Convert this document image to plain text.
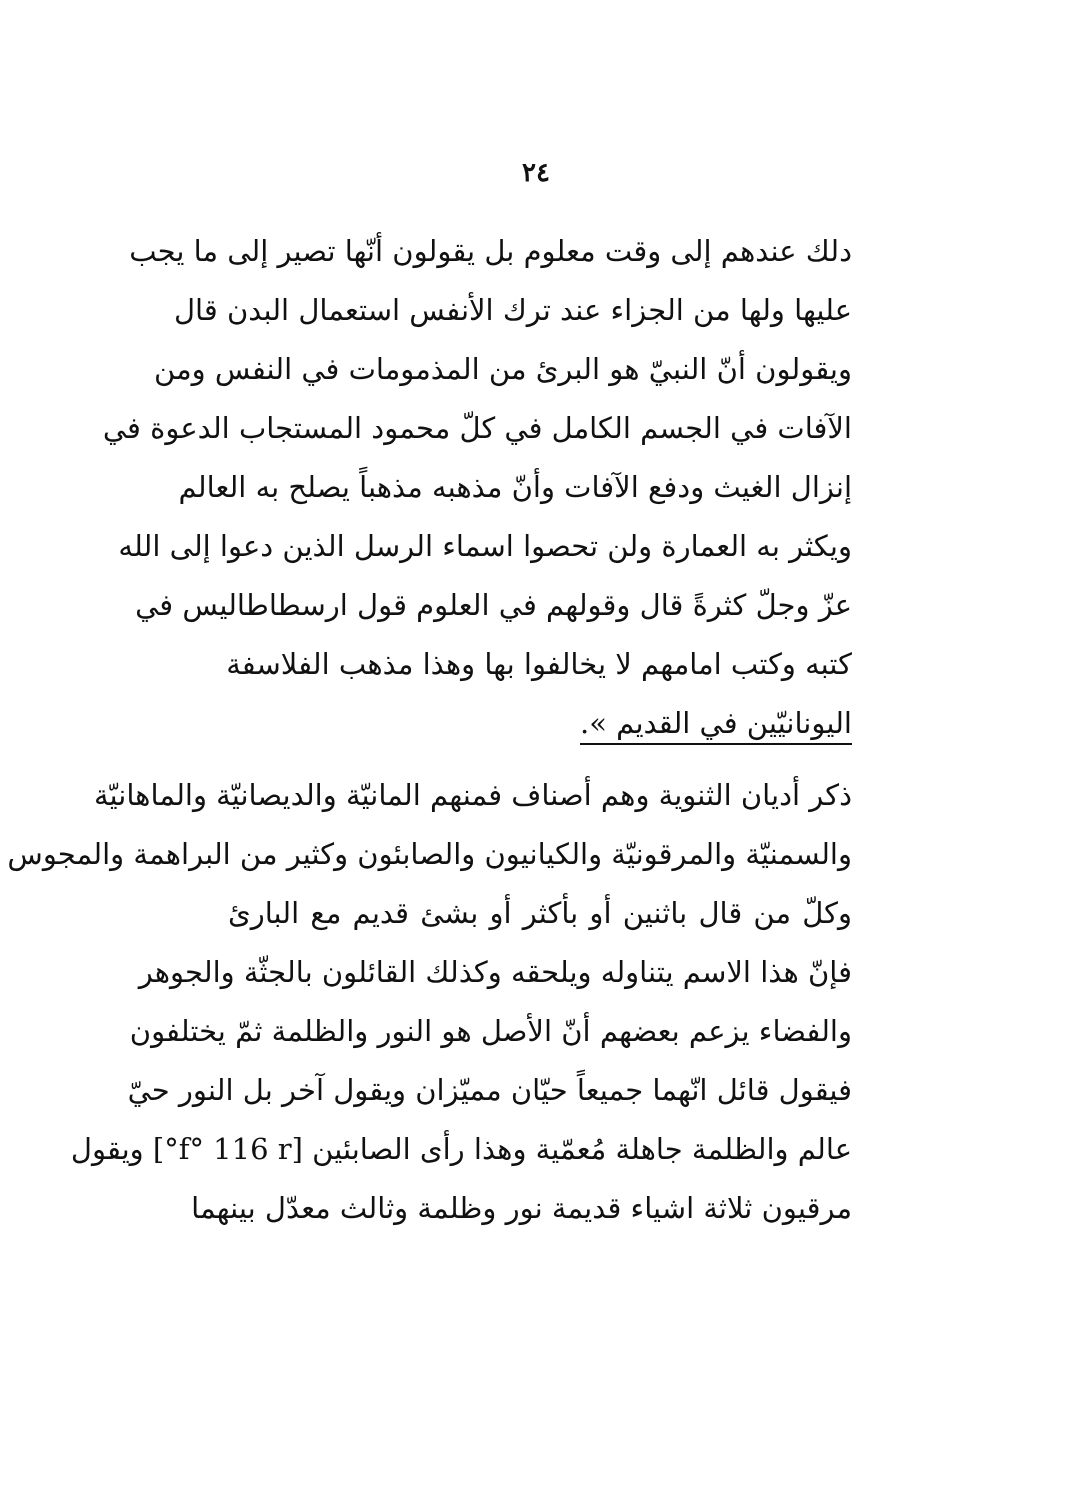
٢٤
دلك عندهم إلى وقت معلوم بل يقولون أنّها تصير إلى ما يجب
عليها ولها من الجزاء عند ترك الأنفس استعمال البدن قال
ويقولون أنّ النبيّ هو البرئ من المذمومات في النفس ومن
الآفات في الجسم الكامل في كلّ محمود المستجاب الدعوة في
إنزال الغيث ودفع الآفات وأنّ مذهبه مذهباً يصلح به العالم
ويكثر به العمارة ولن تحصوا اسماء الرسل الذين دعوا إلى الله
عزّ وجلّ كثرةً قال وقولهم في العلوم قول ارسطاطاليس في
كتبه وكتب امامهم لا يخالفوا بها وهذا مذهب الفلاسفة
اليونانيّين في القديم ».
ذكر أديان الثنوية وهم أصناف فمنهم المانيّة والديصانيّة والماهانيّة
والسمنيّة والمرقونيّة والكيانيون والصابئون وكثير من البراهمة والمجوس
وكلّ من قال باثنين أو بأكثر أو بشئ قديم مع البارئ
فإنّ هذا الاسم يتناوله ويلحقه وكذلك القائلون بالجثّة والجوهر
والفضاء يزعم بعضهم أنّ الأصل هو النور والظلمة ثمّ يختلفون
فيقول قائل انّهما جميعاً حيّان مميّزان ويقول آخر بل النور حيّ
عالم والظلمة جاهلة مُعمّية وهذا رأى الصابئين [f° 116 r°] ويقول
مرقيون ثلاثة اشياء قديمة نور وظلمة وثالث معدّل بينهما
